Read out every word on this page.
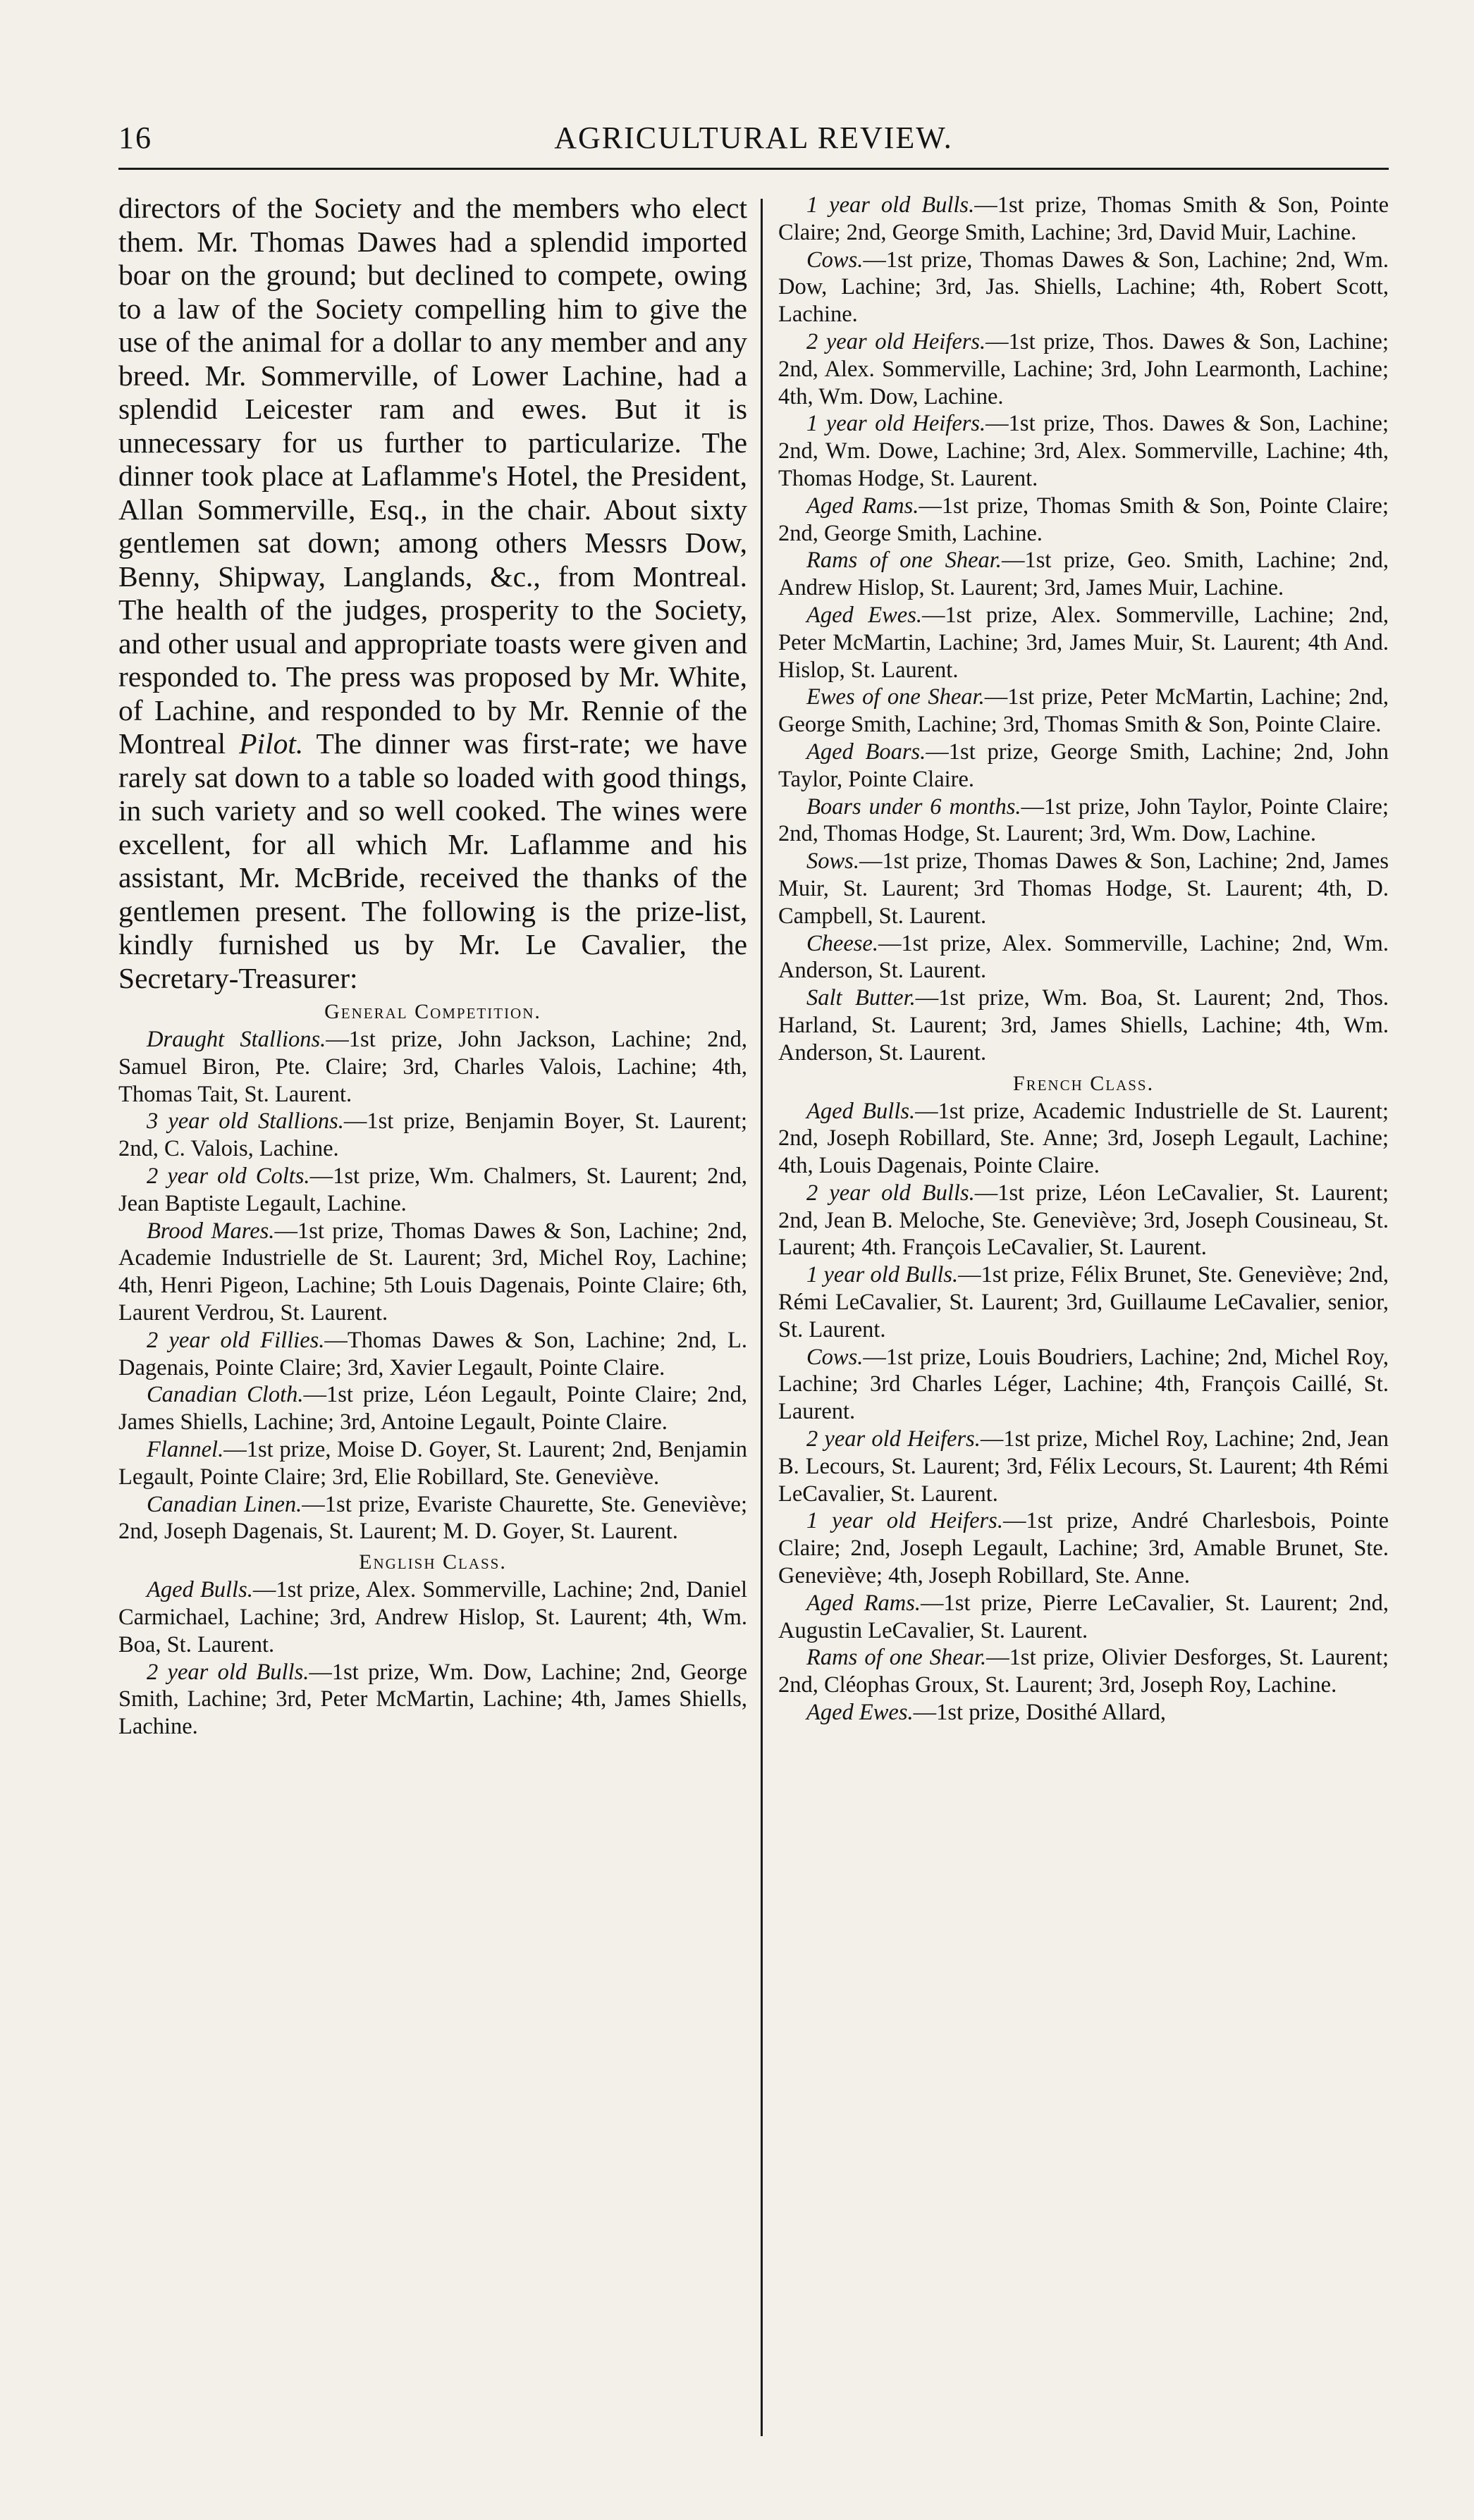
16	AGRICULTURAL REVIEW.

directors of the Society and the members who elect them. Mr. Thomas Dawes had a splendid imported boar on the ground; but declined to compete, owing to a law of the Society compelling him to give the use of the animal for a dollar to any member and any breed. Mr. Sommerville, of Lower Lachine, had a splendid Leicester ram and ewes. But it is unnecessary for us further to particularize. The dinner took place at Laflamme's Hotel, the President, Allan Sommerville, Esq., in the chair. About sixty gentlemen sat down; among others Messrs Dow, Benny, Shipway, Langlands, &c., from Montreal. The health of the judges, prosperity to the Society, and other usual and appropriate toasts were given and responded to. The press was proposed by Mr. White, of Lachine, and responded to by Mr. Rennie of the Montreal Pilot. The dinner was first-rate; we have rarely sat down to a table so loaded with good things, in such variety and so well cooked. The wines were excellent, for all which Mr. Laflamme and his assistant, Mr. McBride, received the thanks of the gentlemen present. The following is the prize-list, kindly furnished us by Mr. Le Cavalier, the Secretary-Treasurer:

General Competition.

Draught Stallions.—1st prize, John Jackson, Lachine; 2nd, Samuel Biron, Pte. Claire; 3rd, Charles Valois, Lachine; 4th, Thomas Tait, St. Laurent.

3 year old Stallions.—1st prize, Benjamin Boyer, St. Laurent; 2nd, C. Valois, Lachine.

2 year old Colts.—1st prize, Wm. Chalmers, St. Laurent; 2nd, Jean Baptiste Legault, Lachine.

Brood Mares.—1st prize, Thomas Dawes & Son, Lachine; 2nd, Academie Industrielle de St. Laurent; 3rd, Michel Roy, Lachine; 4th, Henri Pigeon, Lachine; 5th Louis Dagenais, Pointe Claire; 6th, Laurent Verdrou, St. Laurent.

2 year old Fillies.—Thomas Dawes & Son, Lachine; 2nd, L. Dagenais, Pointe Claire; 3rd, Xavier Legault, Pointe Claire.

Canadian Cloth.—1st prize, Léon Legault, Pointe Claire; 2nd, James Shiells, Lachine; 3rd, Antoine Legault, Pointe Claire.

Flannel.—1st prize, Moise D. Goyer, St. Laurent; 2nd, Benjamin Legault, Pointe Claire; 3rd, Elie Robillard, Ste. Geneviève.

Canadian Linen.—1st prize, Evariste Chaurette, Ste. Geneviève; 2nd, Joseph Dagenais, St. Laurent; M. D. Goyer, St. Laurent.

English Class.

Aged Bulls.—1st prize, Alex. Sommerville, Lachine; 2nd, Daniel Carmichael, Lachine; 3rd, Andrew Hislop, St. Laurent; 4th, Wm. Boa, St. Laurent.

2 year old Bulls.—1st prize, Wm. Dow, Lachine; 2nd, George Smith, Lachine; 3rd, Peter McMartin, Lachine; 4th, James Shiells, Lachine.

1 year old Bulls.—1st prize, Thomas Smith & Son, Pointe Claire; 2nd, George Smith, Lachine; 3rd, David Muir, Lachine.

Cows.—1st prize, Thomas Dawes & Son, Lachine; 2nd, Wm. Dow, Lachine; 3rd, Jas. Shiells, Lachine; 4th, Robert Scott, Lachine.

2 year old Heifers.—1st prize, Thos. Dawes & Son, Lachine; 2nd, Alex. Sommerville, Lachine; 3rd, John Learmonth, Lachine; 4th, Wm. Dow, Lachine.

1 year old Heifers.—1st prize, Thos. Dawes & Son, Lachine; 2nd, Wm. Dowe, Lachine; 3rd, Alex. Sommerville, Lachine; 4th, Thomas Hodge, St. Laurent.

Aged Rams.—1st prize, Thomas Smith & Son, Pointe Claire; 2nd, George Smith, Lachine.

Rams of one Shear.—1st prize, Geo. Smith, Lachine; 2nd, Andrew Hislop, St. Laurent; 3rd, James Muir, Lachine.

Aged Ewes.—1st prize, Alex. Sommerville, Lachine; 2nd, Peter McMartin, Lachine; 3rd, James Muir, St. Laurent; 4th And. Hislop, St. Laurent.

Ewes of one Shear.—1st prize, Peter McMartin, Lachine; 2nd, George Smith, Lachine; 3rd, Thomas Smith & Son, Pointe Claire.

Aged Boars.—1st prize, George Smith, Lachine; 2nd, John Taylor, Pointe Claire.

Boars under 6 months.—1st prize, John Taylor, Pointe Claire; 2nd, Thomas Hodge, St. Laurent; 3rd, Wm. Dow, Lachine.

Sows.—1st prize, Thomas Dawes & Son, Lachine; 2nd, James Muir, St. Laurent; 3rd Thomas Hodge, St. Laurent; 4th, D. Campbell, St. Laurent.

Cheese.—1st prize, Alex. Sommerville, Lachine; 2nd, Wm. Anderson, St. Laurent.

Salt Butter.—1st prize, Wm. Boa, St. Laurent; 2nd, Thos. Harland, St. Laurent; 3rd, James Shiells, Lachine; 4th, Wm. Anderson, St. Laurent.

French Class.

Aged Bulls.—1st prize, Academic Industrielle de St. Laurent; 2nd, Joseph Robillard, Ste. Anne; 3rd, Joseph Legault, Lachine; 4th, Louis Dagenais, Pointe Claire.

2 year old Bulls.—1st prize, Léon LeCavalier, St. Laurent; 2nd, Jean B. Meloche, Ste. Geneviève; 3rd, Joseph Cousineau, St. Laurent; 4th. François LeCavalier, St. Laurent.

1 year old Bulls.—1st prize, Félix Brunet, Ste. Geneviève; 2nd, Rémi LeCavalier, St. Laurent; 3rd, Guillaume LeCavalier, senior, St. Laurent.

Cows.—1st prize, Louis Boudriers, Lachine; 2nd, Michel Roy, Lachine; 3rd Charles Léger, Lachine; 4th, François Caillé, St. Laurent.

2 year old Heifers.—1st prize, Michel Roy, Lachine; 2nd, Jean B. Lecours, St. Laurent; 3rd, Félix Lecours, St. Laurent; 4th Rémi LeCavalier, St. Laurent.

1 year old Heifers.—1st prize, André Charlesbois, Pointe Claire; 2nd, Joseph Legault, Lachine; 3rd, Amable Brunet, Ste. Geneviève; 4th, Joseph Robillard, Ste. Anne.

Aged Rams.—1st prize, Pierre LeCavalier, St. Laurent; 2nd, Augustin LeCavalier, St. Laurent.

Rams of one Shear.—1st prize, Olivier Desforges, St. Laurent; 2nd, Cléophas Groux, St. Laurent; 3rd, Joseph Roy, Lachine.

Aged Ewes.—1st prize, Dosithé Allard,
